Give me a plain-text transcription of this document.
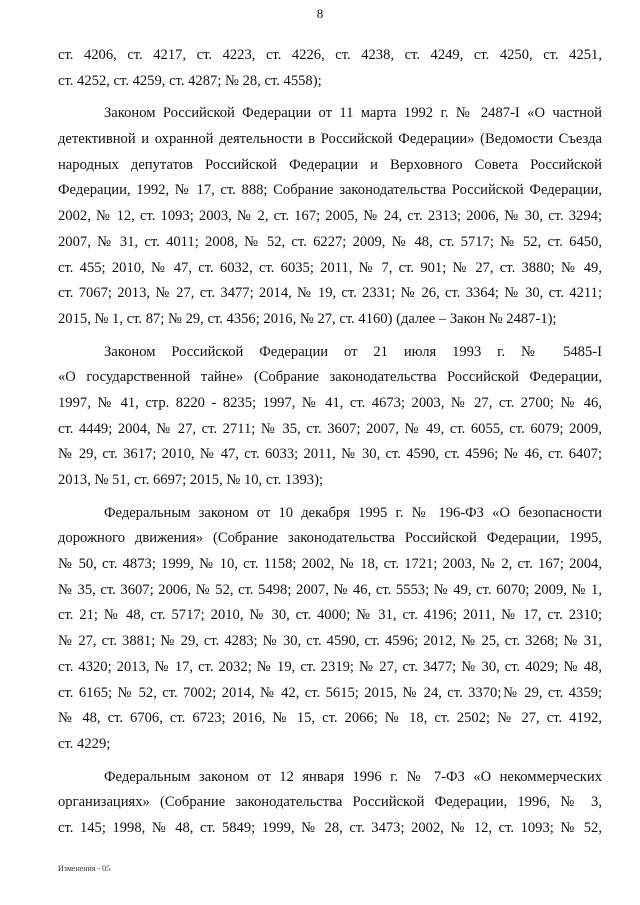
8
ст. 4206, ст. 4217, ст. 4223, ст. 4226, ст. 4238, ст. 4249, ст. 4250, ст. 4251,
ст. 4252, ст. 4259, ст. 4287; № 28, ст. 4558);
Законом Российской Федерации от 11 марта 1992 г. № 2487-I «О частной
детективной и охранной деятельности в Российской Федерации» (Ведомости Съезда
народных депутатов Российской Федерации и Верховного Совета Российской
Федерации, 1992, № 17, ст. 888; Собрание законодательства Российской Федерации,
2002, № 12, ст. 1093; 2003, № 2, ст. 167; 2005, № 24, ст. 2313; 2006, № 30, ст. 3294;
2007, № 31, ст. 4011; 2008, № 52, ст. 6227; 2009, № 48, ст. 5717; № 52, ст. 6450,
ст. 455; 2010, № 47, ст. 6032, ст. 6035; 2011, № 7, ст. 901; № 27, ст. 3880; № 49,
ст. 7067; 2013, № 27, ст. 3477; 2014, № 19, ст. 2331; № 26, ст. 3364; № 30, ст. 4211;
2015, № 1, ст. 87; № 29, ст. 4356; 2016, № 27, ст. 4160) (далее – Закон № 2487-1);
Законом Российской Федерации от 21 июля 1993 г. № 5485-I
«О государственной тайне» (Собрание законодательства Российской Федерации,
1997, № 41, стр. 8220 - 8235; 1997, № 41, ст. 4673; 2003, № 27, ст. 2700; № 46,
ст. 4449; 2004, № 27, ст. 2711; № 35, ст. 3607; 2007, № 49, ст. 6055, ст. 6079; 2009,
№ 29, ст. 3617; 2010, № 47, ст. 6033; 2011, № 30, ст. 4590, ст. 4596; № 46, ст. 6407;
2013, № 51, ст. 6697; 2015, № 10, ст. 1393);
Федеральным законом от 10 декабря 1995 г. № 196-ФЗ «О безопасности
дорожного движения» (Собрание законодательства Российской Федерации, 1995,
№ 50, ст. 4873; 1999, № 10, ст. 1158; 2002, № 18, ст. 1721; 2003, № 2, ст. 167; 2004,
№ 35, ст. 3607; 2006, № 52, ст. 5498; 2007, № 46, ст. 5553; № 49, ст. 6070; 2009, № 1,
ст. 21; № 48, ст. 5717; 2010, № 30, ст. 4000; № 31, ст. 4196; 2011, № 17, ст. 2310;
№ 27, ст. 3881; № 29, ст. 4283; № 30, ст. 4590, ст. 4596; 2012, № 25, ст. 3268; № 31,
ст. 4320; 2013, № 17, ст. 2032; № 19, ст. 2319; № 27, ст. 3477; № 30, ст. 4029; № 48,
ст. 6165; № 52, ст. 7002; 2014, № 42, ст. 5615; 2015, № 24, ст. 3370;№ 29, ст. 4359;
№ 48, ст. 6706, ст. 6723; 2016, № 15, ст. 2066; № 18, ст. 2502; № 27, ст. 4192,
ст. 4229;
Федеральным законом от 12 января 1996 г. № 7-ФЗ «О некоммерческих
организациях» (Собрание законодательства Российской Федерации, 1996, № 3,
ст. 145; 1998, № 48, ст. 5849; 1999, № 28, ст. 3473; 2002, № 12, ст. 1093; № 52,
Изменения - 05
